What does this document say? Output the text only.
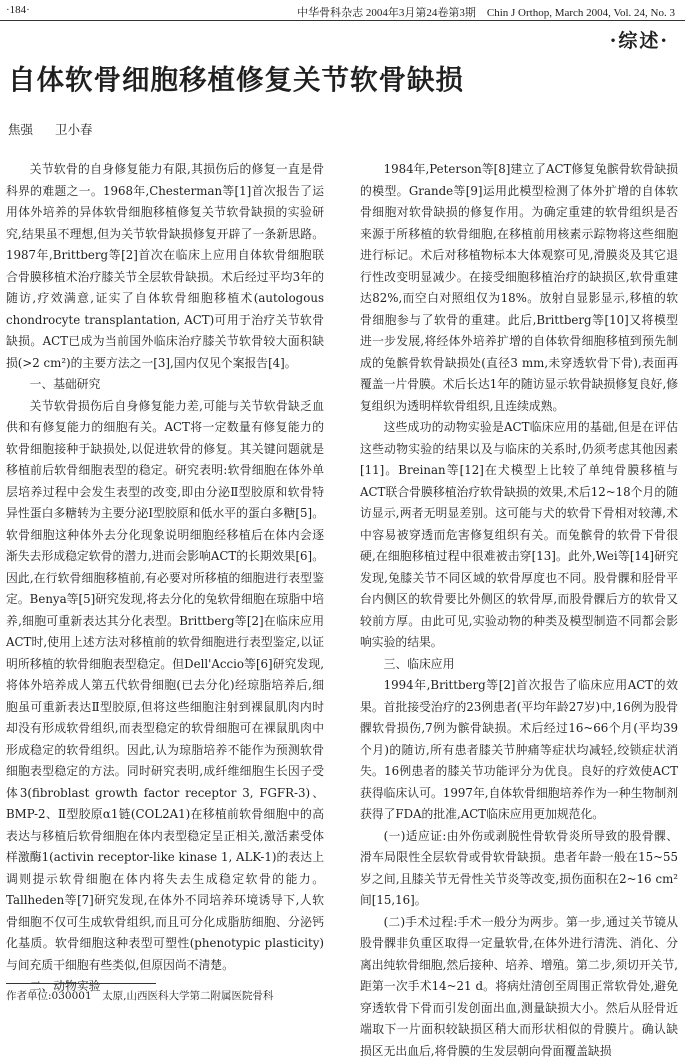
·184·	中华骨科杂志 2004年3月第24卷第3期　Chin J Orthop, March 2004, Vol. 24, No. 3
·综述·
自体软骨细胞移植修复关节软骨缺损
焦强 卫小春

关节软骨的自身修复能力有限,其损伤后的修复一直是骨科界的难题之一。1968年,Chesterman等[1]首次报告了运用体外培养的异体软骨细胞移植修复关节软骨缺损的实验研究,结果虽不理想,但为关节软骨缺损修复开辟了一条新思路。1987年,Brittberg等[2]首次在临床上应用自体软骨细胞联合骨膜移植术治疗膝关节全层软骨缺损。术后经过平均3年的随访,疗效满意,证实了自体软骨细胞移植术(autologous chondrocyte transplantation, ACT)可用于治疗关节软骨缺损。ACT已成为当前国外临床治疗膝关节软骨较大面积缺损(>2 cm²)的主要方法之一[3],国内仅见个案报告[4]。

一、基础研究

关节软骨损伤后自身修复能力差,可能与关节软骨缺乏血供和有修复能力的细胞有关。ACT将一定数量有修复能力的软骨细胞接种于缺损处,以促进软骨的修复。其关键问题就是移植前后软骨细胞表型的稳定。研究表明:软骨细胞在体外单层培养过程中会发生表型的改变,即由分泌Ⅱ型胶原和软骨特异性蛋白多糖转为主要分泌Ⅰ型胶原和低水平的蛋白多糖[5]。软骨细胞这种体外去分化现象说明细胞经移植后在体内会逐渐失去形成稳定软骨的潜力,进而会影响ACT的长期效果[6]。因此,在行软骨细胞移植前,有必要对所移植的细胞进行表型鉴定。Benya等[5]研究发现,将去分化的兔软骨细胞在琼脂中培养,细胞可重新表达其分化表型。Brittberg等[2]在临床应用ACT时,使用上述方法对移植前的软骨细胞进行表型鉴定,以证明所移植的软骨细胞表型稳定。但Dell'Accio等[6]研究发现,将体外培养成人第五代软骨细胞(已去分化)经琼脂培养后,细胞虽可重新表达Ⅱ型胶原,但将这些细胞注射到裸鼠肌肉内时却没有形成软骨组织,而表型稳定的软骨细胞可在裸鼠肌肉中形成稳定的软骨组织。因此,认为琼脂培养不能作为预测软骨细胞表型稳定的方法。同时研究表明,成纤维细胞生长因子受体3(fibroblast growth factor receptor 3, FGFR-3)、BMP-2、Ⅱ型胶原α1链(COL2A1)在移植前软骨细胞中的高表达与移植后软骨细胞在体内表型稳定呈正相关,激活素受体样激酶1(activin receptor-like kinase 1, ALK-1)的表达上调则提示软骨细胞在体内将失去生成稳定软骨的能力。Tallheden等[7]研究发现,在体外不同培养环境诱导下,人软骨细胞不仅可生成软骨组织,而且可分化成脂肪细胞、分泌钙化基质。软骨细胞这种表型可塑性(phenotypic plasticity)与间充质干细胞有些类似,但原因尚不清楚。

二、动物实验

1984年,Peterson等[8]建立了ACT修复兔髌骨软骨缺损的模型。Grande等[9]运用此模型检测了体外扩增的自体软骨细胞对软骨缺损的修复作用。为确定重建的软骨组织是否来源于所移植的软骨细胞,在移植前用核素示踪物将这些细胞进行标记。术后对移植物标本大体观察可见,滑膜炎及其它退行性改变明显减少。在接受细胞移植治疗的缺损区,软骨重建达82%,而空白对照组仅为18%。放射自显影显示,移植的软骨细胞参与了软骨的重建。此后,Brittberg等[10]又将模型进一步发展,将经体外培养扩增的自体软骨细胞移植到预先制成的兔髌骨软骨缺损处(直径3 mm,未穿透软骨下骨),表面再覆盖一片骨膜。术后长达1年的随访显示软骨缺损修复良好,修复组织为透明样软骨组织,且连续成熟。

这些成功的动物实验是ACT临床应用的基础,但是在评估这些动物实验的结果以及与临床的关系时,仍须考虑其他因素[11]。Breinan等[12]在犬模型上比较了单纯骨膜移植与ACT联合骨膜移植治疗软骨缺损的效果,术后12~18个月的随访显示,两者无明显差别。这可能与犬的软骨下骨相对较薄,术中容易被穿透而危害修复组织有关。而兔髌骨的软骨下骨很硬,在细胞移植过程中很难被击穿[13]。此外,Wei等[14]研究发现,兔膝关节不同区域的软骨厚度也不同。股骨髁和胫骨平台内侧区的软骨要比外侧区的软骨厚,而股骨髁后方的软骨又较前方厚。由此可见,实验动物的种类及模型制造不同都会影响实验的结果。

三、临床应用

1994年,Brittberg等[2]首次报告了临床应用ACT的效果。首批接受治疗的23例患者(平均年龄27岁)中,16例为股骨髁软骨损伤,7例为髌骨缺损。术后经过16~66个月(平均39个月)的随访,所有患者膝关节肿痛等症状均减轻,绞锁症状消失。16例患者的膝关节功能评分为优良。良好的疗效使ACT获得临床认可。1997年,自体软骨细胞培养作为一种生物制剂获得了FDA的批准,ACT临床应用更加规范化。

(一)适应证:由外伤或剥脱性骨软骨炎所导致的股骨髁、滑车局限性全层软骨或骨软骨缺损。患者年龄一般在15~55岁之间,且膝关节无骨性关节炎等改变,损伤面积在2~16 cm²间[15,16]。

(二)手术过程:手术一般分为两步。第一步,通过关节镜从股骨髁非负重区取得一定量软骨,在体外进行清洗、消化、分离出纯软骨细胞,然后接种、培养、增殖。第二步,须切开关节,距第一次手术14~21 d。将病灶清创至周围正常软骨处,避免穿透软骨下骨而引发创面出血,测量缺损大小。然后从胫骨近端取下一片面积较缺损区稍大而形状相似的骨膜片。确认缺损区无出血后,将骨膜的生发层朝向骨面覆盖缺损

作者单位:030001　太原,山西医科大学第二附属医院骨科
